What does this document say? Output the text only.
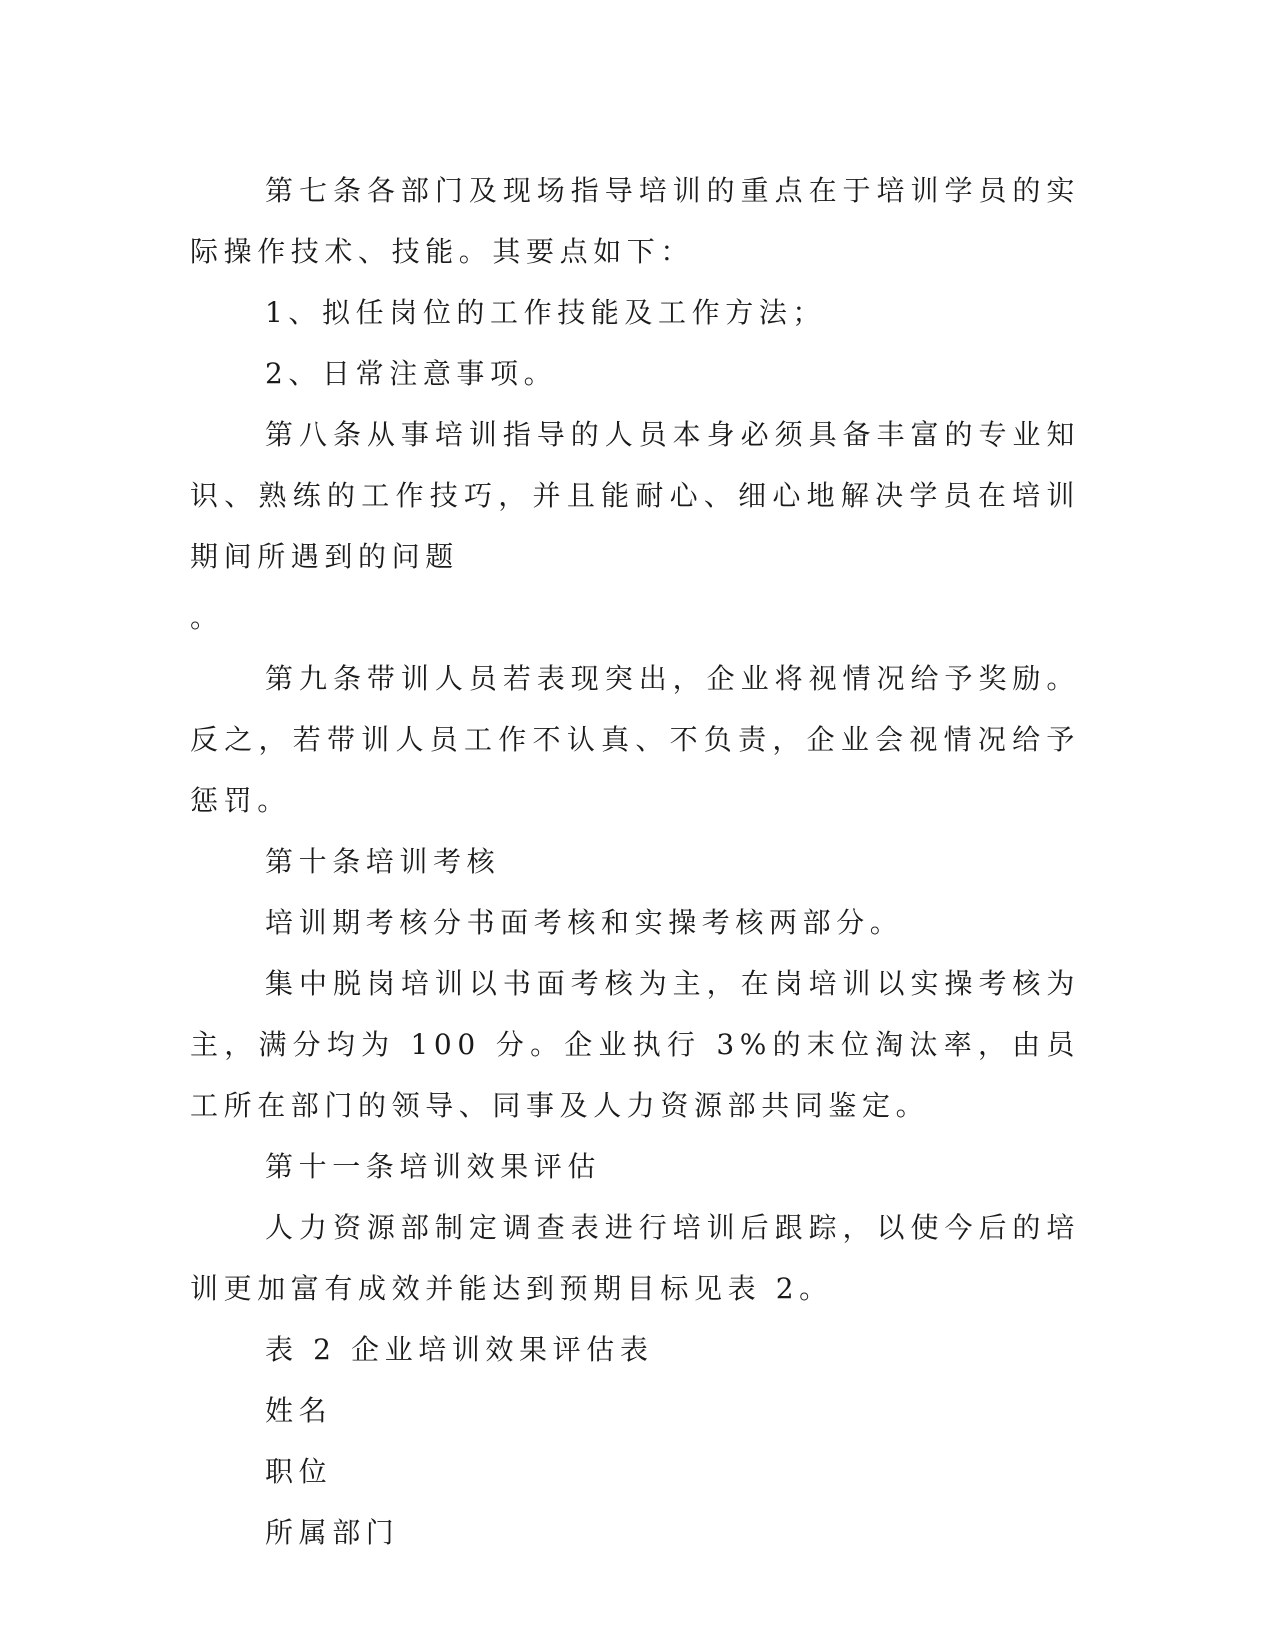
第七条各部门及现场指导培训的重点在于培训学员的实际操作技术、技能。其要点如下：

1、拟任岗位的工作技能及工作方法；

2、日常注意事项。

第八条从事培训指导的人员本身必须具备丰富的专业知识、熟练的工作技巧，并且能耐心、细心地解决学员在培训期间所遇到的问题

。

第九条带训人员若表现突出，企业将视情况给予奖励。反之，若带训人员工作不认真、不负责，企业会视情况给予惩罚。

第十条培训考核

培训期考核分书面考核和实操考核两部分。

集中脱岗培训以书面考核为主，在岗培训以实操考核为主，满分均为 100 分。企业执行 3%的末位淘汰率，由员工所在部门的领导、同事及人力资源部共同鉴定。

第十一条培训效果评估

人力资源部制定调查表进行培训后跟踪，以使今后的培训更加富有成效并能达到预期目标见表 2。

表 2 企业培训效果评估表

姓名

职位

所属部门
